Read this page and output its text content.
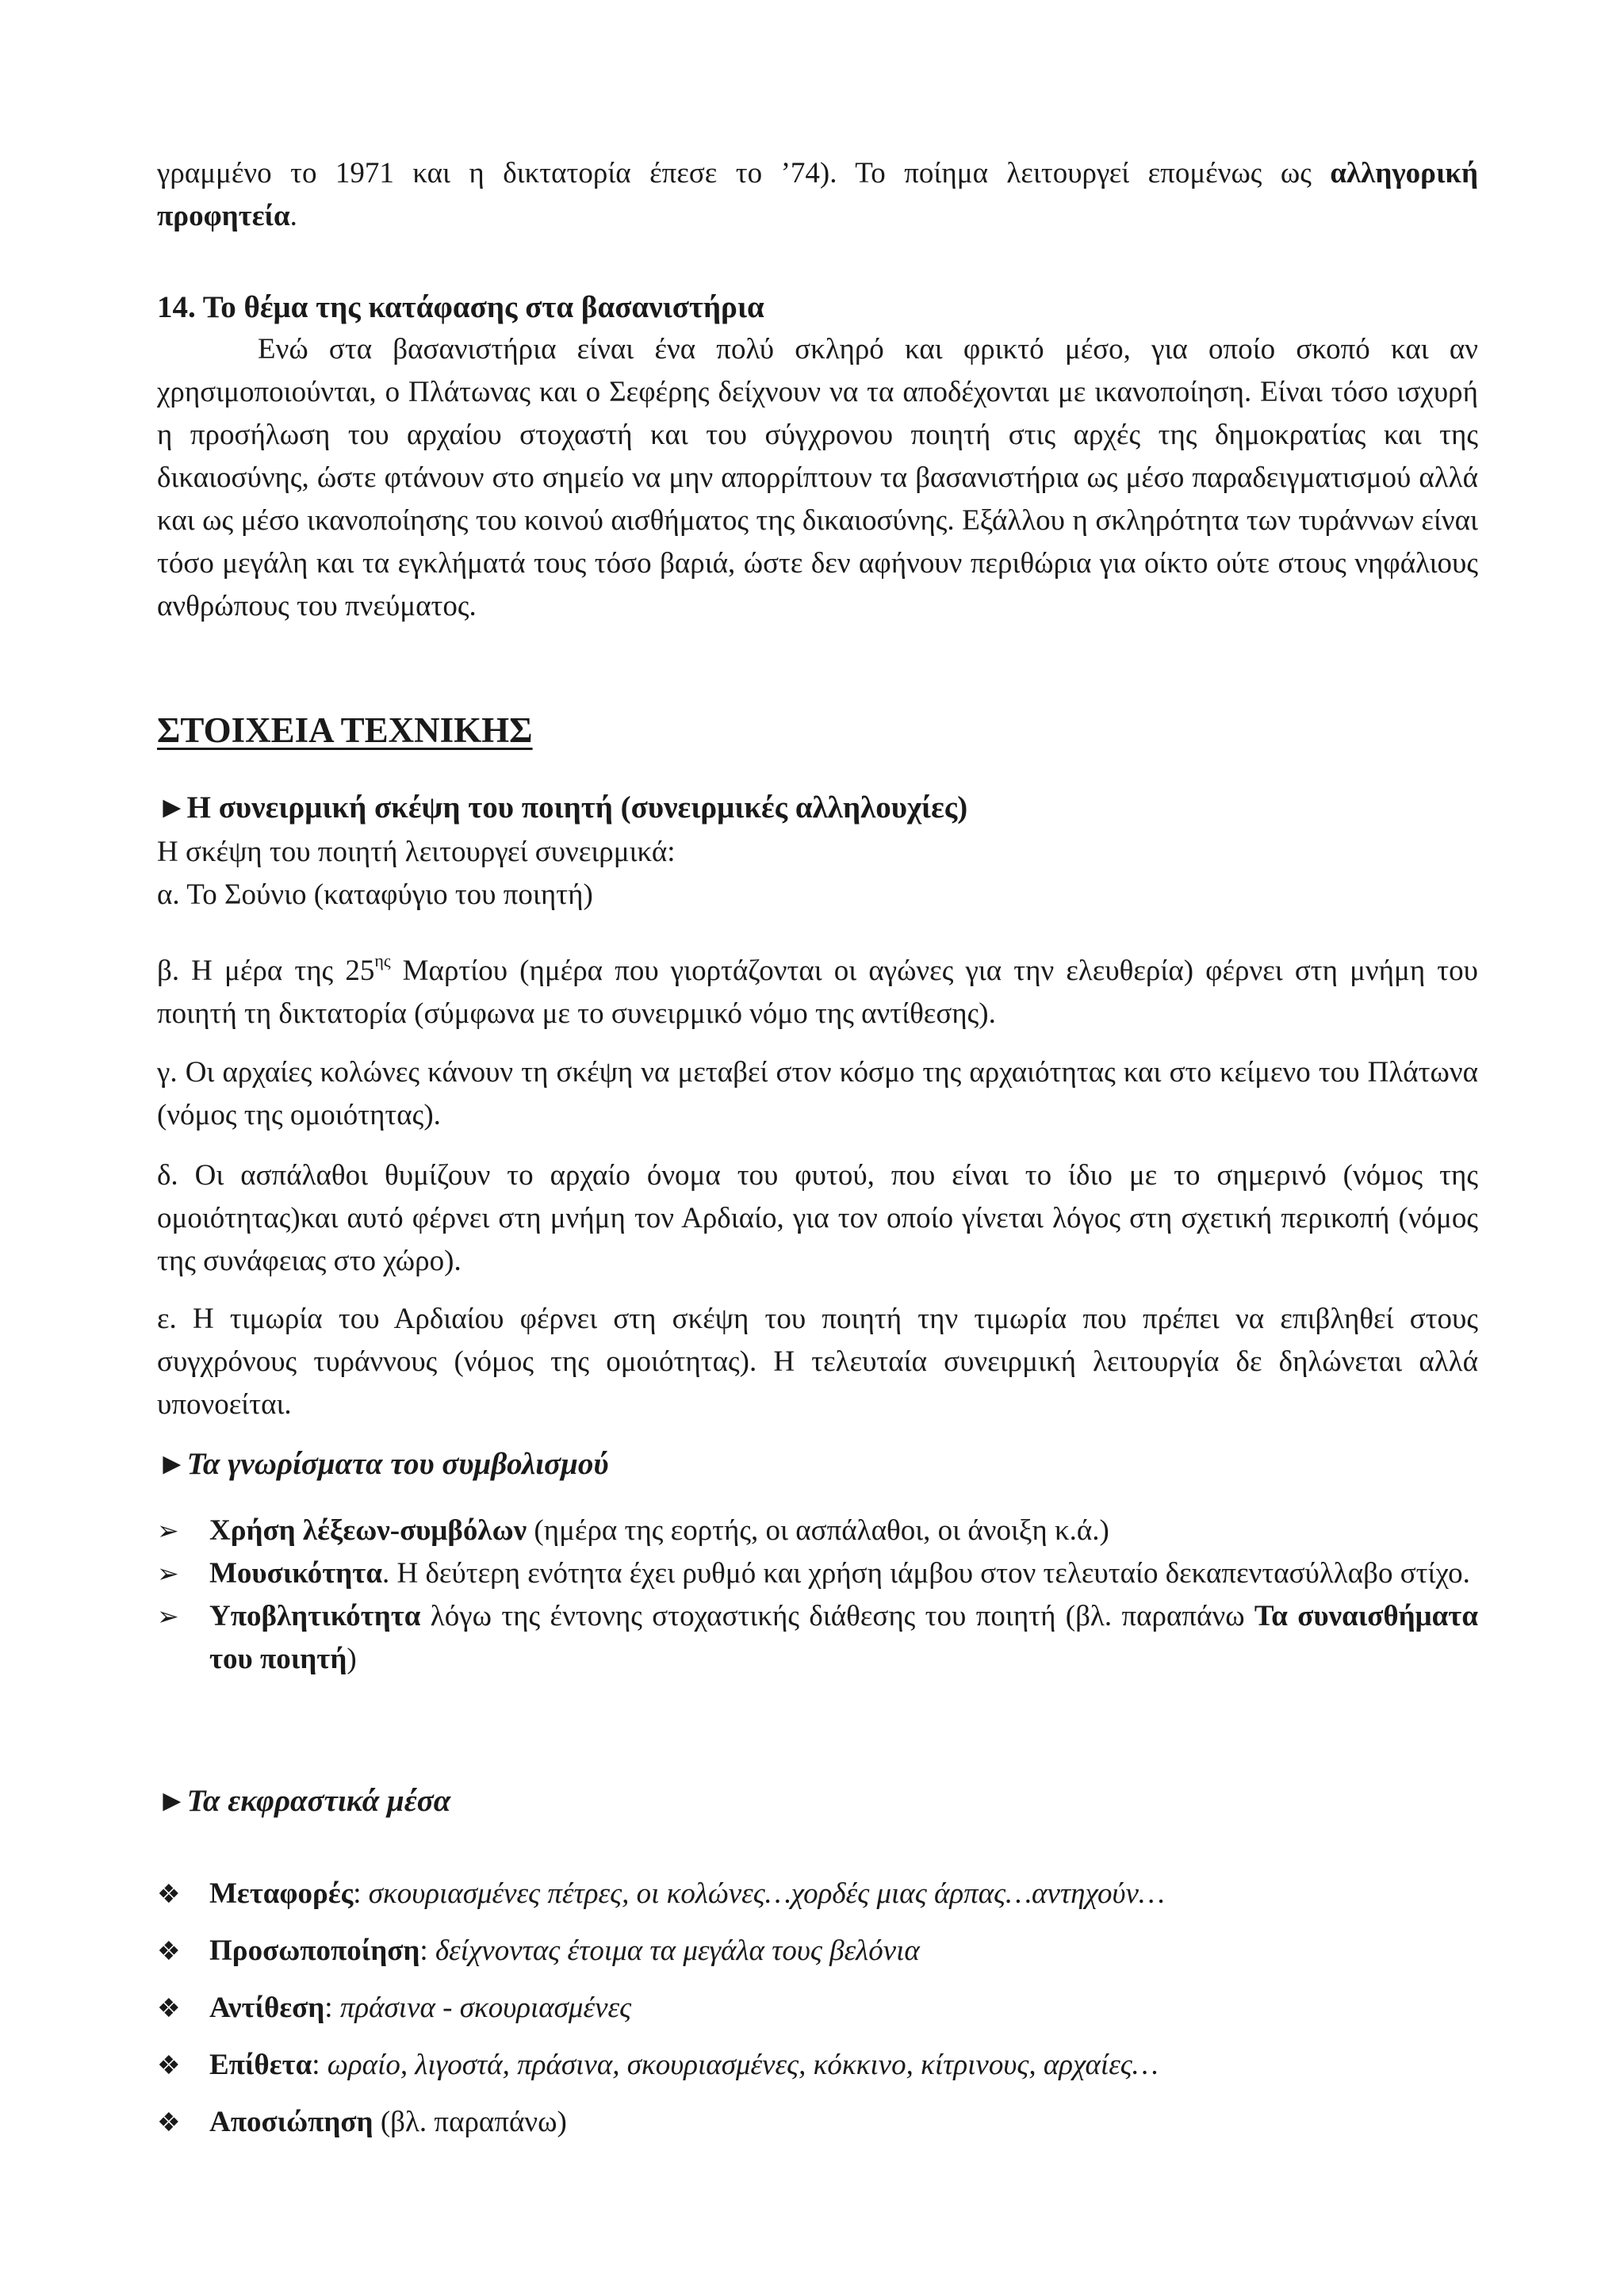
γραμμένο το 1971 και η δικτατορία έπεσε το ’74). Το ποίημα λειτουργεί επομένως ως αλληγορική

προφητεία.

14. Το θέμα της κατάφασης στα βασανιστήρια

Ενώ στα βασανιστήρια είναι ένα πολύ σκληρό και φρικτό μέσο, για οποίο σκοπό και αν χρησιμοποιούνται, ο Πλάτωνας και ο Σεφέρης δείχνουν να τα αποδέχονται με ικανοποίηση. Είναι τόσο ισχυρή η προσήλωση του αρχαίου στοχαστή και του σύγχρονου ποιητή στις αρχές της δημοκρατίας και της δικαιοσύνης, ώστε φτάνουν στο σημείο να μην απορρίπτουν τα βασανιστήρια ως μέσο παραδειγματισμού αλλά και ως μέσο ικανοποίησης του κοινού αισθήματος της δικαιοσύνης. Εξάλλου η σκληρότητα των τυράννων είναι τόσο μεγάλη και τα εγκλήματά τους τόσο βαριά, ώστε δεν αφήνουν περιθώρια για οίκτο ούτε στους νηφάλιους ανθρώπους του πνεύματος.

ΣΤΟΙΧΕΙΑ ΤΕΧΝΙΚΗΣ

►Η συνειρμική σκέψη του ποιητή (συνειρμικές αλληλουχίες)

Η σκέψη του ποιητή λειτουργεί συνειρμικά:

α. Το Σούνιο (καταφύγιο του ποιητή)

β. Η μέρα της $25^{\eta\varsigma}$ Μαρτίου (ημέρα που γιορτάζονται οι αγώνες για την ελευθερία) φέρνει στη μνήμη του ποιητή τη δικτατορία (σύμφωνα με το συνειρμικό νόμο της αντίθεσης).

γ. Οι αρχαίες κολώνες κάνουν τη σκέψη να μεταβεί στον κόσμο της αρχαιότητας και στο κείμενο του Πλάτωνα (νόμος της ομοιότητας).

δ. Οι ασπάλαθοι θυμίζουν το αρχαίο όνομα του φυτού, που είναι το ίδιο με το σημερινό (νόμος της ομοιότητας)και αυτό φέρνει στη μνήμη τον Αρδιαίο, για τον οποίο γίνεται λόγος στη σχετική περικοπή (νόμος της συνάφειας στο χώρο).

ε. Η τιμωρία του Αρδιαίου φέρνει στη σκέψη του ποιητή την τιμωρία που πρέπει να επιβληθεί στους συγχρόνους τυράννους (νόμος της ομοιότητας). Η τελευταία συνειρμική λειτουργία δε δηλώνεται αλλά υπονοείται.

►Τα γνωρίσματα του συμβολισμού

➢ Χρήση λέξεων-συμβόλων (ημέρα της εορτής, οι ασπάλαθοι, οι άνοιξη κ.ά.)
➢ Μουσικότητα. Η δεύτερη ενότητα έχει ρυθμό και χρήση ιάμβου στον τελευταίο δεκαπεντασύλλαβο στίχο.
➢ Υποβλητικότητα λόγω της έντονης στοχαστικής διάθεσης του ποιητή (βλ. παραπάνω Τα συναισθήματα του ποιητή)

►Τα εκφραστικά μέσα

❖ Μεταφορές: σκουριασμένες πέτρες, οι κολώνες…χορδές μιας άρπας…αντηχούν…
❖ Προσωποποίηση: δείχνοντας έτοιμα τα μεγάλα τους βελόνια
❖ Αντίθεση: πράσινα - σκουριασμένες
❖ Επίθετα: ωραίο, λιγοστά, πράσινα, σκουριασμένες, κόκκινο, κίτρινους, αρχαίες…
❖ Αποσιώπηση (βλ. παραπάνω)
